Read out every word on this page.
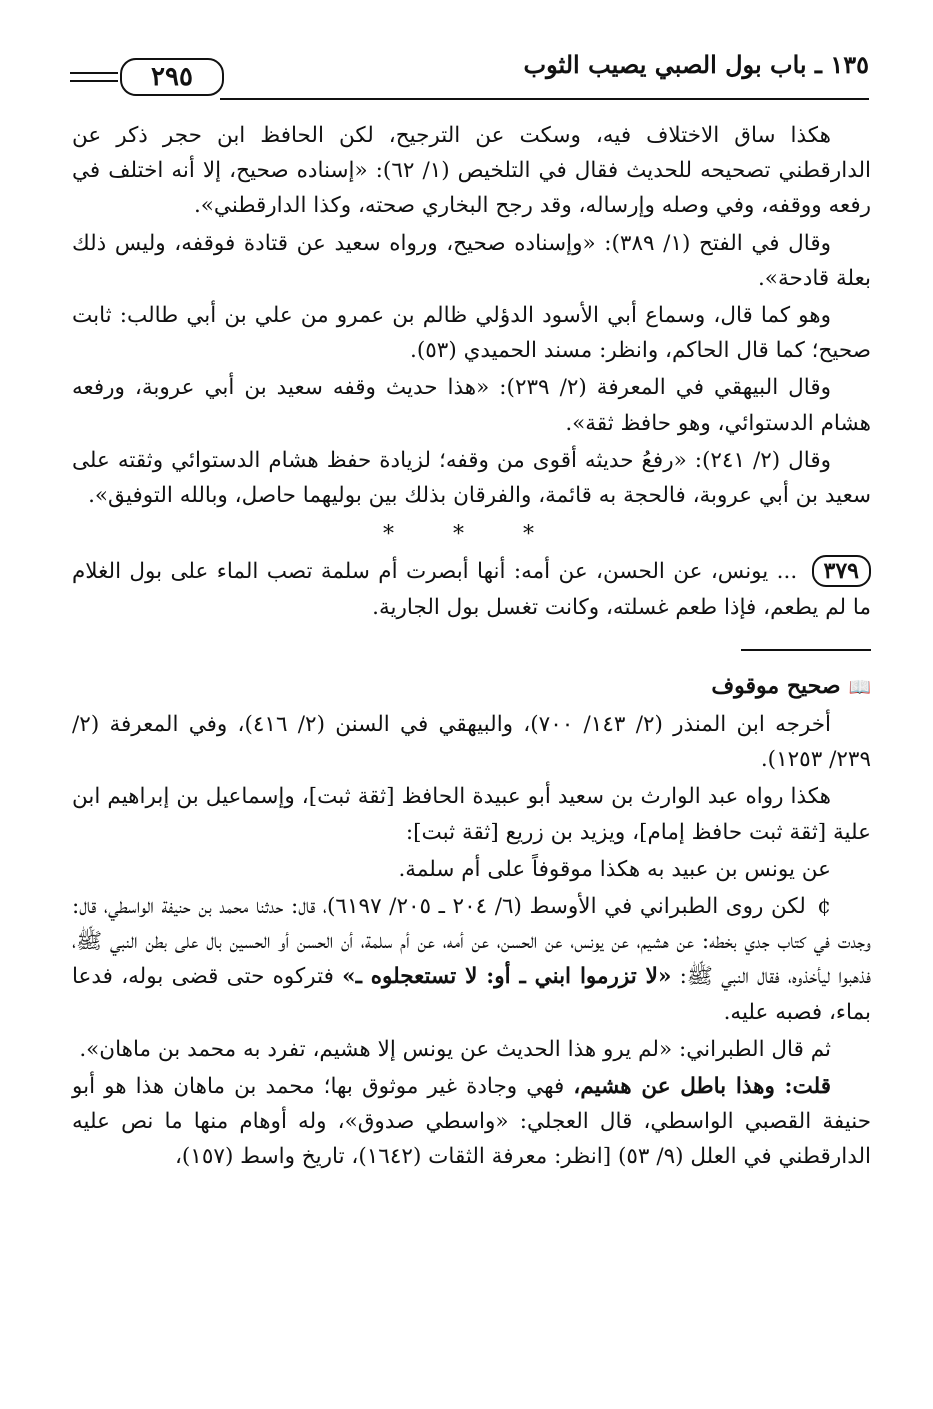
٢٩٥	١٣٥ ـ باب بول الصبي يصيب الثوب

هكذا ساق الاختلاف فيه، وسكت عن الترجيح، لكن الحافظ ابن حجر ذكر عن الدارقطني تصحيحه للحديث فقال في التلخيص (١/ ٦٢): «إسناده صحيح، إلا أنه اختلف في رفعه ووقفه، وفي وصله وإرساله، وقد رجح البخاري صحته، وكذا الدارقطني».

وقال في الفتح (١/ ٣٨٩): «وإسناده صحيح، ورواه سعيد عن قتادة فوقفه، وليس ذلك بعلة قادحة».

وهو كما قال، وسماع أبي الأسود الدؤلي ظالم بن عمرو من علي بن أبي طالب: ثابت صحيح؛ كما قال الحاكم، وانظر: مسند الحميدي (٥٣).

وقال البيهقي في المعرفة (٢/ ٢٣٩): «هذا حديث وقفه سعيد بن أبي عروبة، ورفعه هشام الدستوائي، وهو حافظ ثقة».

وقال (٢/ ٢٤١): «رفعُ حديثه أقوى من وقفه؛ لزيادة حفظ هشام الدستوائي وثقته على سعيد بن أبي عروبة، فالحجة به قائمة، والفرقان بذلك بين بوليهما حاصل، وبالله التوفيق».

* * *

٣٧٩ ... يونس، عن الحسن، عن أمه: أنها أبصرت أم سلمة تصب الماء على بول الغلام ما لم يطعم، فإذا طعم غسلته، وكانت تغسل بول الجارية.

📖صحيح موقوف

أخرجه ابن المنذر (٢/ ١٤٣/ ٧٠٠)، والبيهقي في السنن (٢/ ٤١٦)، وفي المعرفة (٢/ ٢٣٩/ ١٢٥٣).

هكذا رواه عبد الوارث بن سعيد أبو عبيدة الحافظ [ثقة ثبت]، وإسماعيل بن إبراهيم ابن علية [ثقة ثبت حافظ إمام]، ويزيد بن زريع [ثقة ثبت]:

عن يونس بن عبيد به هكذا موقوفاً على أم سلمة.

¢ لكن روى الطبراني في الأوسط (٦/ ٢٠٤ ـ ٢٠٥/ ٦١٩٧)، قال: حدثنا محمد بن حنيفة الواسطي، قال: وجدت في كتاب جدي بخطه: عن هشيم، عن يونس، عن الحسن، عن أمه، عن أم سلمة، أن الحسن أو الحسين بال على بطن النبي ﷺ، فذهبوا ليأخذوه، فقال النبي ﷺ: «لا تزرموا ابني ـ أو: لا تستعجلوه ـ» فتركوه حتى قضى بوله، فدعا بماء، فصبه عليه.

ثم قال الطبراني: «لم يرو هذا الحديث عن يونس إلا هشيم، تفرد به محمد بن ماهان».

قلت: وهذا باطل عن هشيم، فهي وجادة غير موثوق بها؛ محمد بن ماهان هذا هو أبو حنيفة القصبي الواسطي، قال العجلي: «واسطي صدوق»، وله أوهام منها ما نص عليه الدارقطني في العلل (٩/ ٥٣) [انظر: معرفة الثقات (١٦٤٢)، تاريخ واسط (١٥٧)،
